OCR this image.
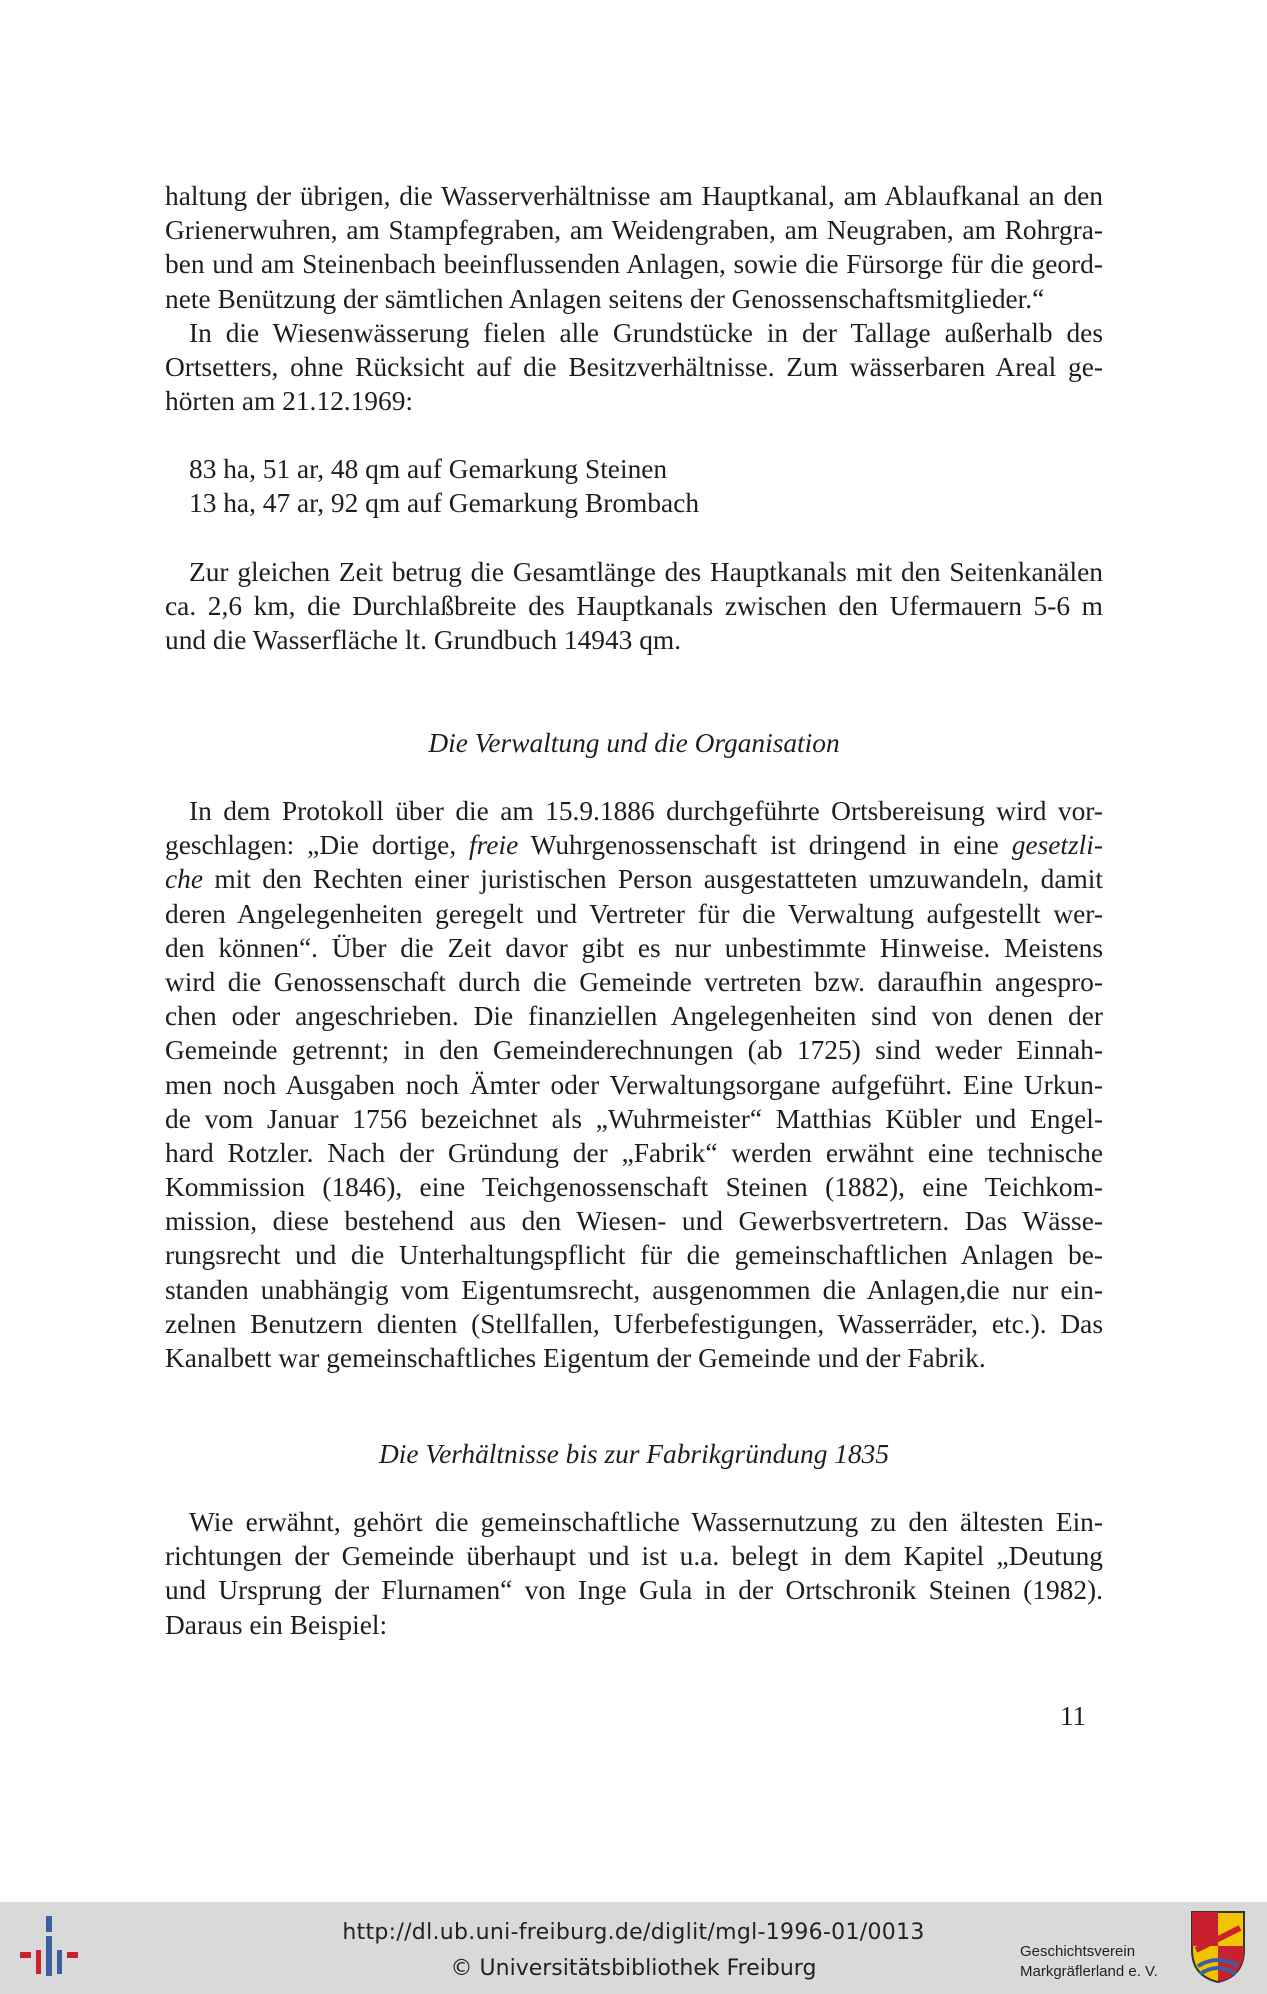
haltung der übrigen, die Wasserverhältnisse am Hauptkanal, am Ablaufkanal an den
Grienerwuhren, am Stampfegraben, am Weidengraben, am Neugraben, am Rohrgra-
ben und am Steinenbach beeinflussenden Anlagen, sowie die Fürsorge für die geord-
nete Benützung der sämtlichen Anlagen seitens der Genossenschaftsmitglieder.“
In die Wiesenwässerung fielen alle Grundstücke in der Tallage außerhalb des
Ortsetters, ohne Rücksicht auf die Besitzverhältnisse. Zum wässerbaren Areal ge-
hörten am 21.12.1969:
83 ha, 51 ar, 48 qm auf Gemarkung Steinen
13 ha, 47 ar, 92 qm auf Gemarkung Brombach
Zur gleichen Zeit betrug die Gesamtlänge des Hauptkanals mit den Seitenkanälen
ca. 2,6 km, die Durchlaßbreite des Hauptkanals zwischen den Ufermauern 5-6 m
und die Wasserfläche lt. Grundbuch 14943 qm.
Die Verwaltung und die Organisation
In dem Protokoll über die am 15.9.1886 durchgeführte Ortsbereisung wird vor-
geschlagen: „Die dortige, freie Wuhrgenossenschaft ist dringend in eine gesetzli-
che mit den Rechten einer juristischen Person ausgestatteten umzuwandeln, damit
deren Angelegenheiten geregelt und Vertreter für die Verwaltung aufgestellt wer-
den können“. Über die Zeit davor gibt es nur unbestimmte Hinweise. Meistens
wird die Genossenschaft durch die Gemeinde vertreten bzw. daraufhin angespro-
chen oder angeschrieben. Die finanziellen Angelegenheiten sind von denen der
Gemeinde getrennt; in den Gemeinderechnungen (ab 1725) sind weder Einnah-
men noch Ausgaben noch Ämter oder Verwaltungsorgane aufgeführt. Eine Urkun-
de vom Januar 1756 bezeichnet als „Wuhrmeister“ Matthias Kübler und Engel-
hard Rotzler. Nach der Gründung der „Fabrik“ werden erwähnt eine technische
Kommission (1846), eine Teichgenossenschaft Steinen (1882), eine Teichkom-
mission, diese bestehend aus den Wiesen- und Gewerbsvertretern. Das Wässe-
rungsrecht und die Unterhaltungspflicht für die gemeinschaftlichen Anlagen be-
standen unabhängig vom Eigentumsrecht, ausgenommen die Anlagen,die nur ein-
zelnen Benutzern dienten (Stellfallen, Uferbefestigungen, Wasserräder, etc.). Das
Kanalbett war gemeinschaftliches Eigentum der Gemeinde und der Fabrik.
Die Verhältnisse bis zur Fabrikgründung 1835
Wie erwähnt, gehört die gemeinschaftliche Wassernutzung zu den ältesten Ein-
richtungen der Gemeinde überhaupt und ist u.a. belegt in dem Kapitel „Deutung
und Ursprung der Flurnamen“ von Inge Gula in der Ortschronik Steinen (1982).
Daraus ein Beispiel:
11
http://dl.ub.uni-freiburg.de/diglit/mgl-1996-01/0013
© Universitätsbibliothek Freiburg
Geschichtsverein
Markgräflerland e. V.
